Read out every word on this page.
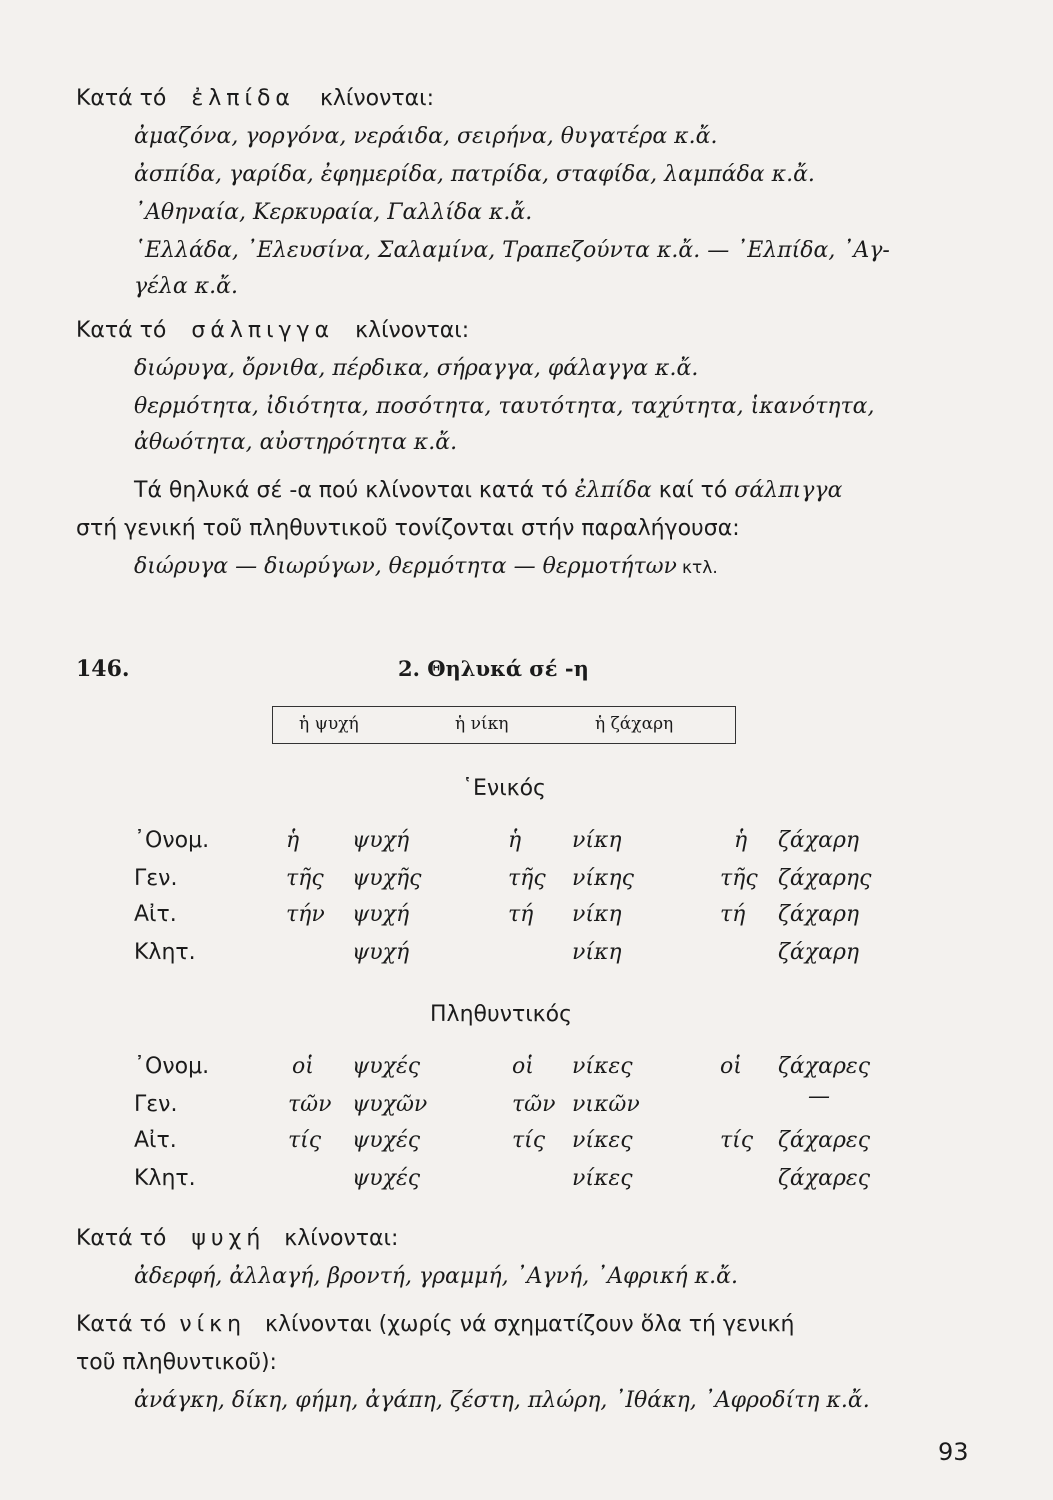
Κατά τό ἐλπίδα κλίνονται:
ἀμαζόνα, γοργόνα, νεράιδα, σειρήνα, θυγατέρα κ.ἄ.
ἀσπίδα, γαρίδα, ἐφημερίδα, πατρίδα, σταφίδα, λαμπάδα κ.ἄ.
᾿Αθηναία, Κερκυραία, Γαλλίδα κ.ἄ.
῾Ελλάδα, ᾿Ελευσίνα, Σαλαμίνα, Τραπεζούντα κ.ἄ. — ᾿Ελπίδα, ᾿Αγ-
γέλα κ.ἄ.
Κατά τό σάλπιγγα κλίνονται:
διώρυγα, ὄρνιθα, πέρδικα, σήραγγα, φάλαγγα κ.ἄ.
θερμότητα, ἰδιότητα, ποσότητα, ταυτότητα, ταχύτητα, ἱκανότητα,
ἀθωότητα, αὐστηρότητα κ.ἄ.
Τά θηλυκά σέ -α πού κλίνονται κατά τό ἐλπίδα καί τό σάλπιγγα
στή γενική τοῦ πληθυντικοῦ τονίζονται στήν παραλήγουσα:
διώρυγα — διωρύγων, θερμότητα — θερμοτήτων κτλ.
146.	2. Θηλυκά σέ -η
ἡ ψυχή	ἡ νίκη	ἡ ζάχαρη
῾Ενικός
᾿Ονομ.	ἡ ψυχή	ἡ νίκη	ἡ ζάχαρη
Γεν.	τῆς ψυχῆς	τῆς νίκης	τῆς ζάχαρης
Αἰτ.	τήν ψυχή	τή νίκη	τή ζάχαρη
Κλητ.	ψυχή	νίκη	ζάχαρη
Πληθυντικός
᾿Ονομ.	οἱ ψυχές	οἱ νίκες	οἱ ζάχαρες
Γεν.	τῶν ψυχῶν	τῶν νικῶν	—
Αἰτ.	τίς ψυχές	τίς νίκες	τίς ζάχαρες
Κλητ.	ψυχές	νίκες	ζάχαρες
Κατά τό ψυχή κλίνονται:
ἀδερφή, ἀλλαγή, βροντή, γραμμή, ᾿Αγνή, ᾿Αφρική κ.ἄ.
Κατά τό νίκη κλίνονται (χωρίς νά σχηματίζουν ὅλα τή γενική
τοῦ πληθυντικοῦ):
ἀνάγκη, δίκη, φήμη, ἀγάπη, ζέστη, πλώρη, ᾿Ιθάκη, ᾿Αφροδίτη κ.ἄ.
93
